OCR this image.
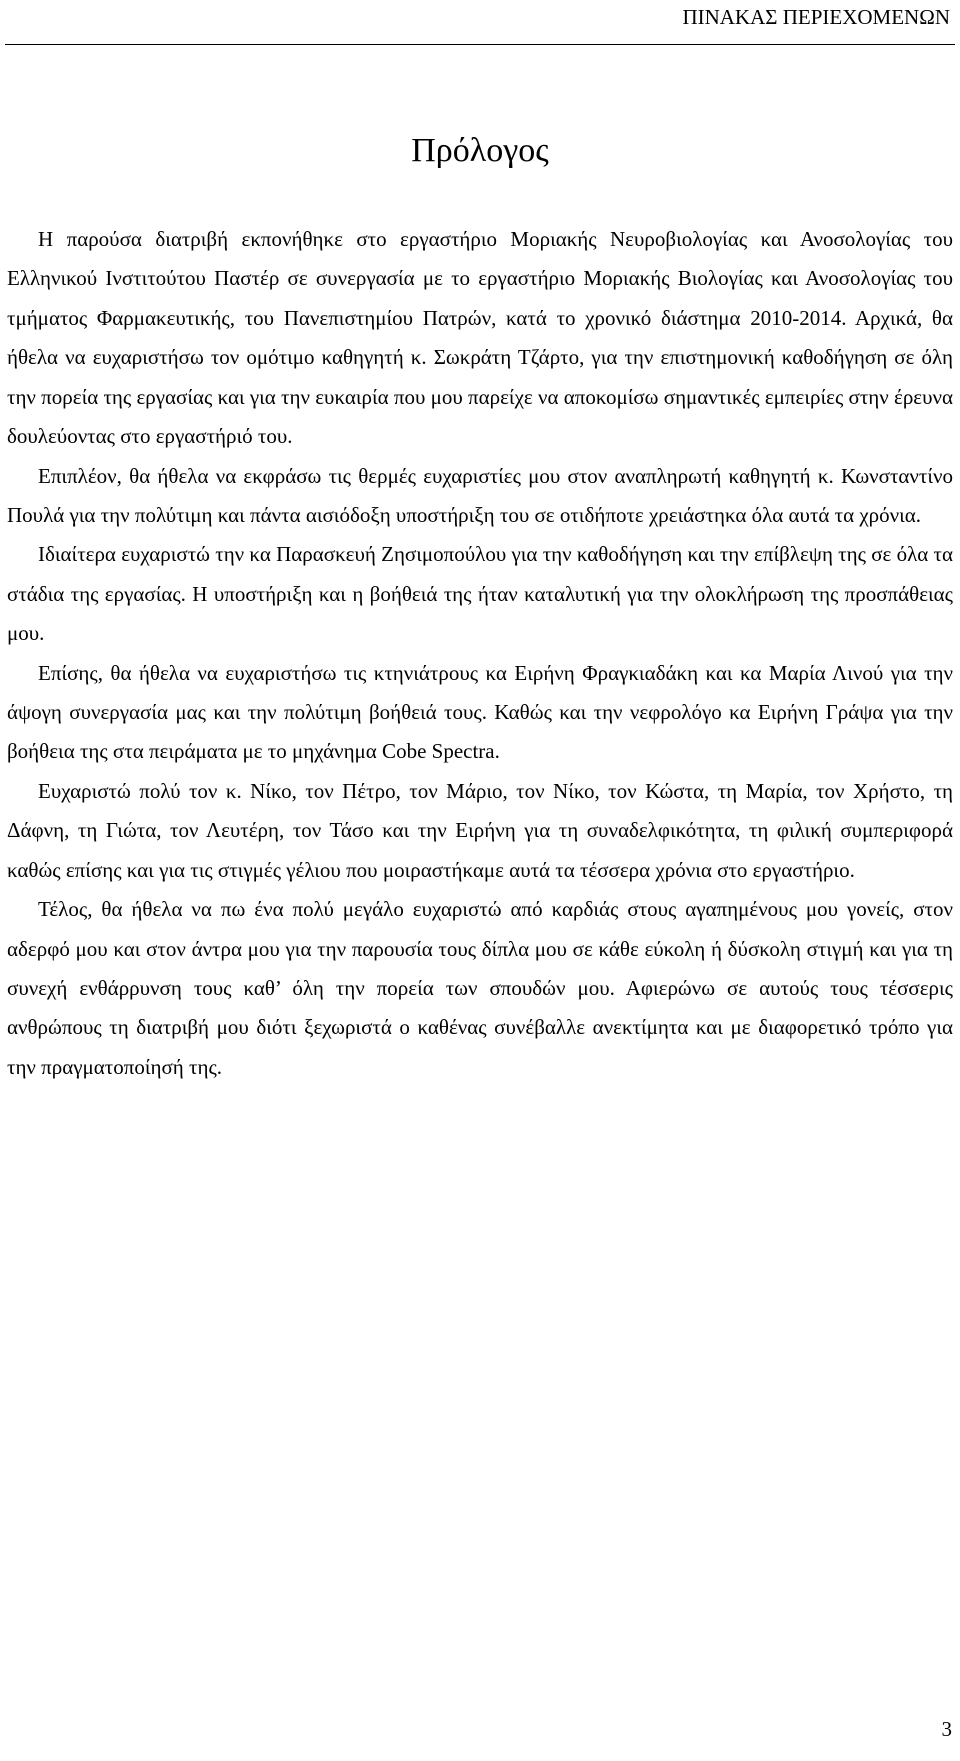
ΠΙΝΑΚΑΣ ΠΕΡΙΕΧΟΜΕΝΩΝ
Πρόλογος

Η παρούσα διατριβή εκπονήθηκε στο εργαστήριο Μοριακής Νευροβιολογίας και Ανοσολογίας του Ελληνικού Ινστιτούτου Παστέρ σε συνεργασία με το εργαστήριο Μοριακής Βιολογίας και Ανοσολογίας του τμήματος Φαρμακευτικής, του Πανεπιστημίου Πατρών, κατά το χρονικό διάστημα 2010-2014. Αρχικά, θα ήθελα να ευχαριστήσω τον ομότιμο καθηγητή κ. Σωκράτη Τζάρτο, για την επιστημονική καθοδήγηση σε όλη την πορεία της εργασίας και για την ευκαιρία που μου παρείχε να αποκομίσω σημαντικές εμπειρίες στην έρευνα δουλεύοντας στο εργαστήριό του.

Επιπλέον, θα ήθελα να εκφράσω τις θερμές ευχαριστίες μου στον αναπληρωτή καθηγητή κ. Κωνσταντίνο Πουλά για την πολύτιμη και πάντα αισιόδοξη υποστήριξη του σε οτιδήποτε χρειάστηκα όλα αυτά τα χρόνια.

Ιδιαίτερα ευχαριστώ την κα Παρασκευή Ζησιμοπούλου για την καθοδήγηση και την επίβλεψη της σε όλα τα στάδια της εργασίας. Η υποστήριξη και η βοήθειά της ήταν καταλυτική για την ολοκλήρωση της προσπάθειας μου.

Επίσης, θα ήθελα να ευχαριστήσω τις κτηνιάτρους κα Ειρήνη Φραγκιαδάκη και κα Μαρία Λινού για την άψογη συνεργασία μας και την πολύτιμη βοήθειά τους. Καθώς και την νεφρολόγο κα Ειρήνη Γράψα για την βοήθεια της στα πειράματα με το μηχάνημα Cobe Spectra.

Ευχαριστώ πολύ τον κ. Νίκο, τον Πέτρο, τον Μάριο, τον Νίκο, τον Κώστα, τη Μαρία, τον Χρήστο, τη Δάφνη, τη Γιώτα, τον Λευτέρη, τον Τάσο και την Ειρήνη για τη συναδελφικότητα, τη φιλική συμπεριφορά καθώς επίσης και για τις στιγμές γέλιου που μοιραστήκαμε αυτά τα τέσσερα χρόνια στο εργαστήριο.

Τέλος, θα ήθελα να πω ένα πολύ μεγάλο ευχαριστώ από καρδιάς στους αγαπημένους μου γονείς, στον αδερφό μου και στον άντρα μου για την παρουσία τους δίπλα μου σε κάθε εύκολη ή δύσκολη στιγμή και για τη συνεχή ενθάρρυνση τους καθ’ όλη την πορεία των σπουδών μου. Αφιερώνω σε αυτούς τους τέσσερις ανθρώπους τη διατριβή μου διότι ξεχωριστά ο καθένας συνέβαλλε ανεκτίμητα και με διαφορετικό τρόπο για την πραγματοποίησή της.

3
